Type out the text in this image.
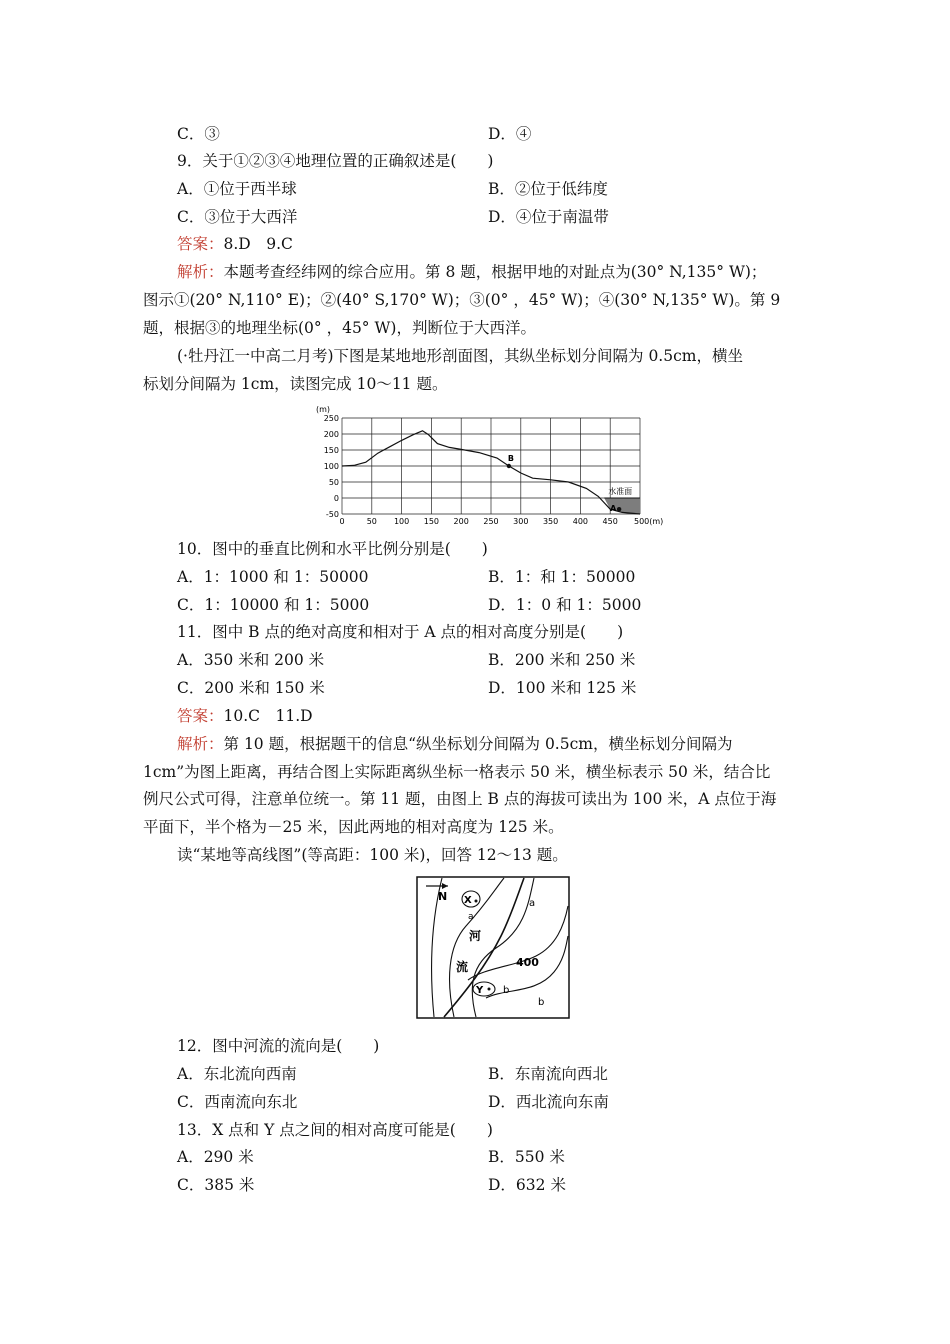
C．③	D．④
9．关于①②③④地理位置的正确叙述是(　　)
A．①位于西半球	B．②位于低纬度
C．③位于大西洋	D．④位于南温带
答案：8.D　9.C
解析：本题考查经纬网的综合应用。第 8 题，根据甲地的对趾点为(30° N,135° W)；
图示①(20° N,110° E)；②(40° S,170° W)；③(0° ，45° W)；④(30° N,135° W)。第 9
题，根据③的地理坐标(0° ，45° W)，判断位于大西洋。
(·牡丹江一中高二月考)下图是某地地形剖面图，其纵坐标划分间隔为 0.5cm，横坐
标划分间隔为 1cm，读图完成 10～11 题。
250
200
150
100
50
0
-50
0	50 100 150 200 250 300 350 400 450 500(m)
水准面
B
A
(m)
10．图中的垂直比例和水平比例分别是(　　)
A．1：1000 和 1：50000	B．1：和 1：50000
C．1：10000 和 1：5000	D．1：0 和 1：5000
11．图中 B 点的绝对高度和相对于 A 点的相对高度分别是(　　)
A．350 米和 200 米	B．200 米和 250 米
C．200 米和 150 米	D．100 米和 125 米
答案：10.C　11.D
解析：第 10 题，根据题干的信息“纵坐标划分间隔为 0.5cm，横坐标划分间隔为
1cm”为图上距离，再结合图上实际距离纵坐标一格表示 50 米，横坐标表示 50 米，结合比
例尺公式可得，注意单位统一。第 11 题，由图上 B 点的海拔可读出为 100 米，A 点位于海
平面下，半个格为－25 米，因此两地的相对高度为 125 米。
读“某地等高线图”(等高距：100 米)，回答 12～13 题。
N X
a
a
Y b
b
河
流	400
12．图中河流的流向是(　　)
A．东北流向西南	B．东南流向西北
C．西南流向东北	D．西北流向东南
13．X 点和 Y 点之间的相对高度可能是(　　)
A．290 米	B．550 米
C．385 米	D．632 米
